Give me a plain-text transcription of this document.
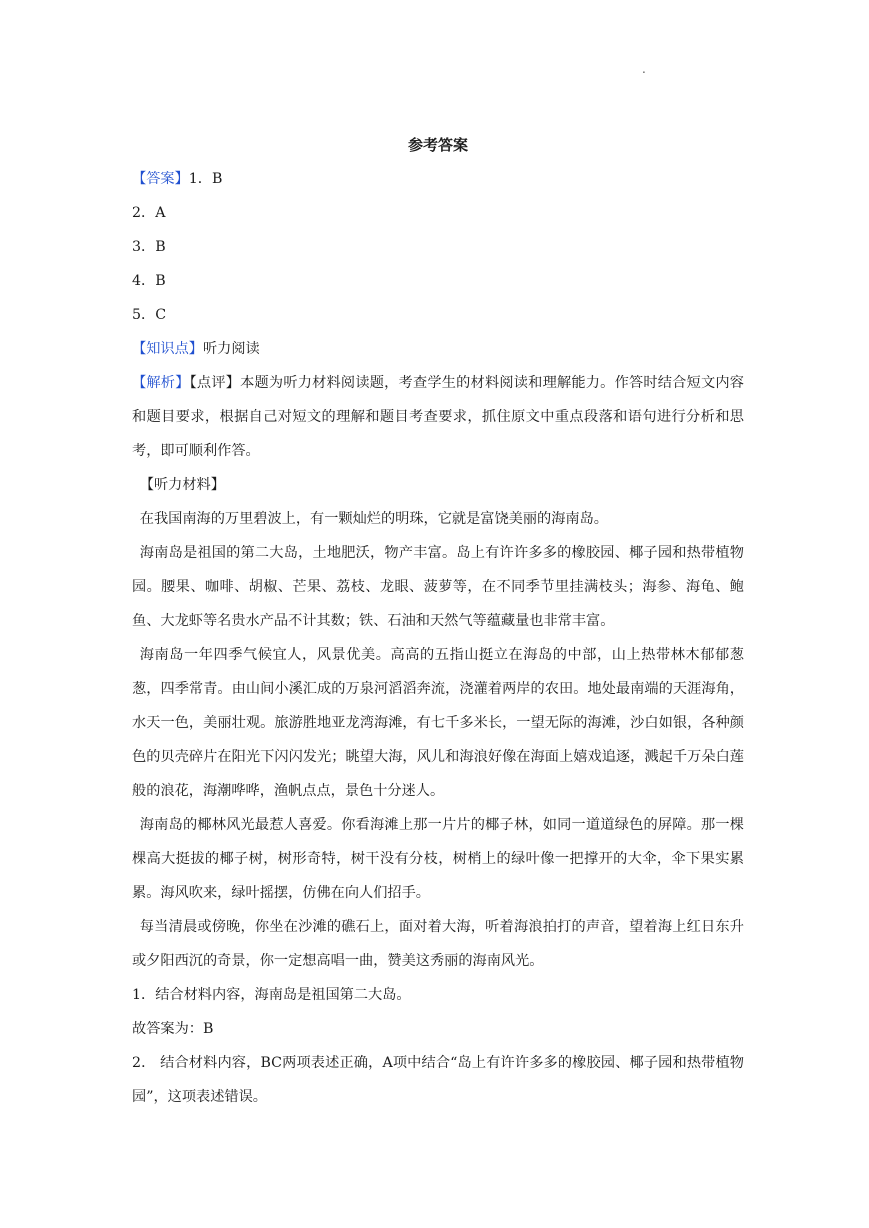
.
参考答案

【答案】1．B

2．A

3．B

4．B

5．C

【知识点】听力阅读

【解析】【点评】本题为听力材料阅读题，考查学生的材料阅读和理解能力。作答时结合短文内容和题目要求，根据自己对短文的理解和题目考查要求，抓住原文中重点段落和语句进行分析和思考，即可顺利作答。

【听力材料】

在我国南海的万里碧波上，有一颗灿烂的明珠，它就是富饶美丽的海南岛。

海南岛是祖国的第二大岛，土地肥沃，物产丰富。岛上有许许多多的橡胶园、椰子园和热带植物园。腰果、咖啡、胡椒、芒果、荔枝、龙眼、菠萝等，在不同季节里挂满枝头；海参、海龟、鲍鱼、大龙虾等名贵水产品不计其数；铁、石油和天然气等蕴藏量也非常丰富。

海南岛一年四季气候宜人，风景优美。高高的五指山挺立在海岛的中部，山上热带林木郁郁葱葱，四季常青。由山间小溪汇成的万泉河滔滔奔流，浇灌着两岸的农田。地处最南端的天涯海角，水天一色，美丽壮观。旅游胜地亚龙湾海滩，有七千多米长，一望无际的海滩，沙白如银，各种颜色的贝壳碎片在阳光下闪闪发光；眺望大海，风儿和海浪好像在海面上嬉戏追逐，溅起千万朵白莲般的浪花，海潮哗哗，渔帆点点，景色十分迷人。

海南岛的椰林风光最惹人喜爱。你看海滩上那一片片的椰子林，如同一道道绿色的屏障。那一棵棵高大挺拔的椰子树，树形奇特，树干没有分枝，树梢上的绿叶像一把撑开的大伞，伞下果实累累。海风吹来，绿叶摇摆，仿佛在向人们招手。

每当清晨或傍晚，你坐在沙滩的礁石上，面对着大海，听着海浪拍打的声音，望着海上红日东升或夕阳西沉的奇景，你一定想高唱一曲，赞美这秀丽的海南风光。

1．结合材料内容，海南岛是祖国第二大岛。

故答案为：B

2． 结合材料内容，BC两项表述正确，A项中结合“岛上有许许多多的橡胶园、椰子园和热带植物园”，这项表述错误。
